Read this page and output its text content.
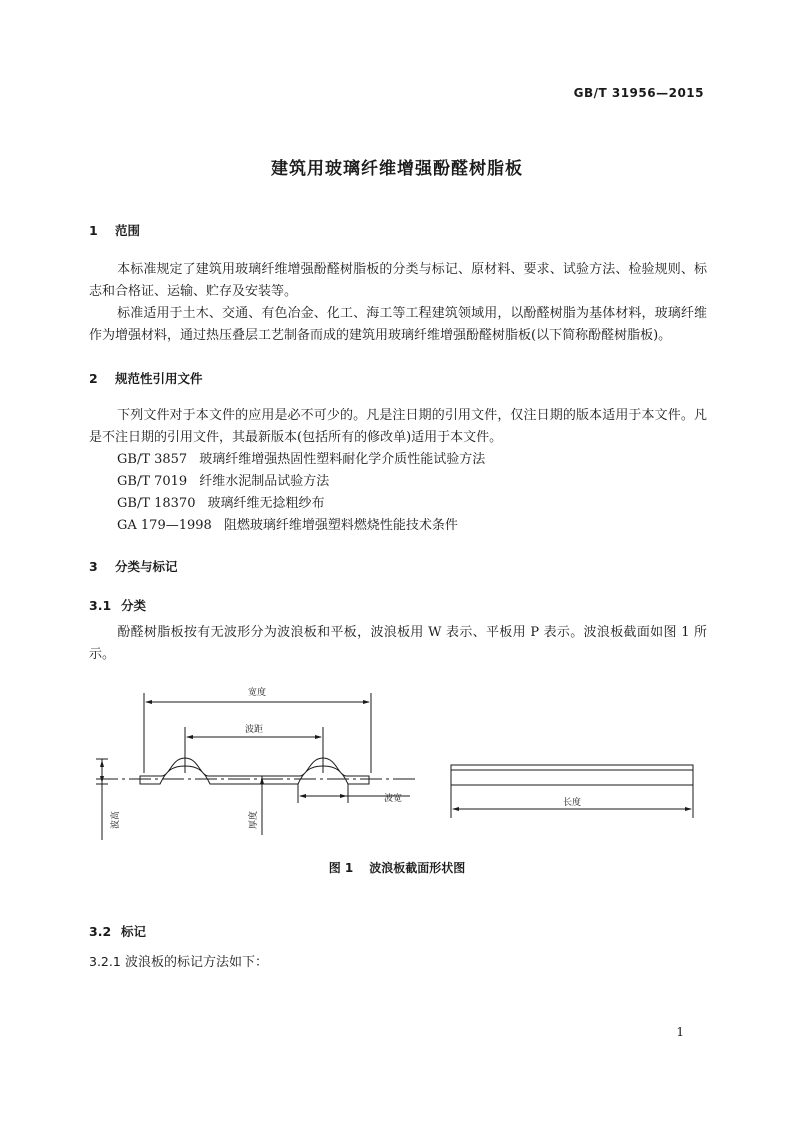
GB/T 31956—2015
建筑用玻璃纤维增强酚醛树脂板
1 范围
本标准规定了建筑用玻璃纤维增强酚醛树脂板的分类与标记、原材料、要求、试验方法、检验规则、标志和合格证、运输、贮存及安装等。
标准适用于土木、交通、有色冶金、化工、海工等工程建筑领域用，以酚醛树脂为基体材料，玻璃纤维作为增强材料，通过热压叠层工艺制备而成的建筑用玻璃纤维增强酚醛树脂板(以下简称酚醛树脂板)。
2 规范性引用文件
下列文件对于本文件的应用是必不可少的。凡是注日期的引用文件，仅注日期的版本适用于本文件。凡是不注日期的引用文件，其最新版本(包括所有的修改单)适用于本文件。
GB/T 3857 玻璃纤维增强热固性塑料耐化学介质性能试验方法
GB/T 7019 纤维水泥制品试验方法
GB/T 18370 玻璃纤维无捻粗纱布
GA 179—1998 阻燃玻璃纤维增强塑料燃烧性能技术条件
3 分类与标记
3.1 分类
酚醛树脂板按有无波形分为波浪板和平板，波浪板用 W 表示、平板用 P 表示。波浪板截面如图 1 所示。
宽度
波距
波宽	长度
波高	厚度
图 1 波浪板截面形状图
3.2 标记
3.2.1 波浪板的标记方法如下：
1
